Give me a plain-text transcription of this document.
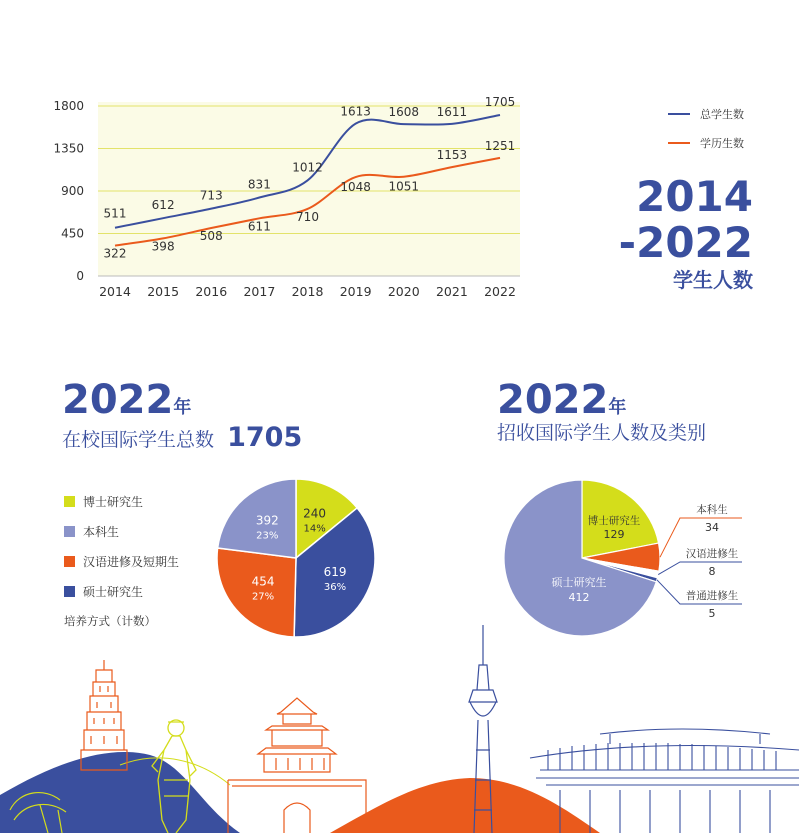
0
450
900
1350
1800
2014 2015 2016 2017 2018 2019 2020 2021 2022
511
612
713
831
1012
1613 1608 1611
1705
322
398
508
611
710
1048 1051
1153
1251
总学生数
学历生数
2014
-2022
学生人数
2022年
在校国际学生总数 1705
博士研究生
本科生
汉语进修及短期生
硕士研究生
培养方式（计数）
2022年
招收国际学生人数及类别
240
14%
619
36%
454
27%
392
23%
博士研究生
129
硕士研究生
412
本科生
34
汉语进修生
8
普通进修生
5
